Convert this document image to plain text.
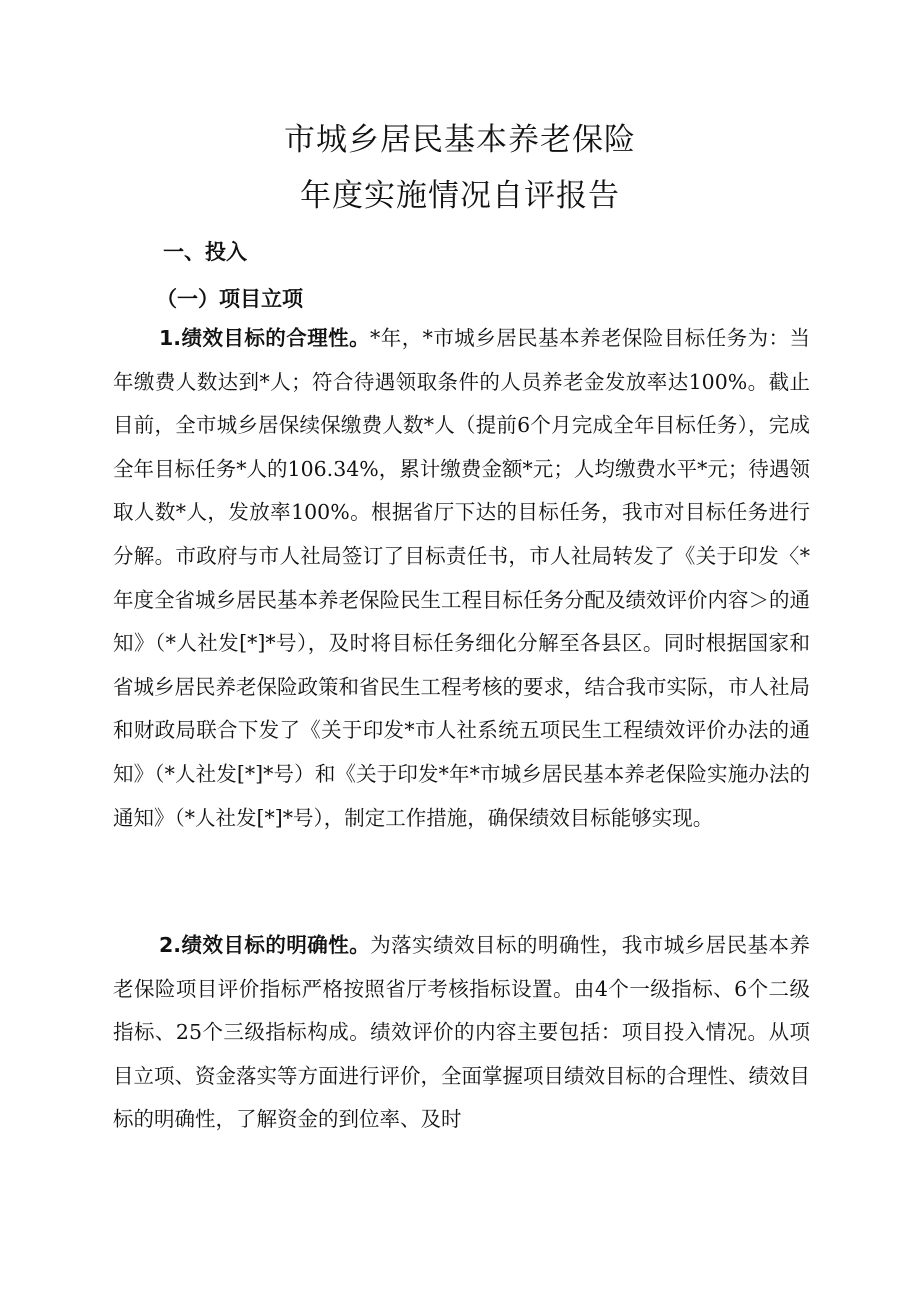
市城乡居民基本养老保险
年度实施情况自评报告
一、投入
（一）项目立项

1.绩效目标的合理性。*年，*市城乡居民基本养老保险目标任务为：当年缴费人数达到*人；符合待遇领取条件的人员养老金发放率达100%。截止目前，全市城乡居保续保缴费人数*人（提前6个月完成全年目标任务），完成全年目标任务*人的106.34%，累计缴费金额*元；人均缴费水平*元；待遇领取人数*人，发放率100%。根据省厅下达的目标任务，我市对目标任务进行分解。市政府与市人社局签订了目标责任书，市人社局转发了《关于印发〈*年度全省城乡居民基本养老保险民生工程目标任务分配及绩效评价内容＞的通知》（*人社发[*]*号），及时将目标任务细化分解至各县区。同时根据国家和省城乡居民养老保险政策和省民生工程考核的要求，结合我市实际，市人社局和财政局联合下发了《关于印发*市人社系统五项民生工程绩效评价办法的通知》（*人社发[*]*号）和《关于印发*年*市城乡居民基本养老保险实施办法的通知》（*人社发[*]*号），制定工作措施，确保绩效目标能够实现。

2.绩效目标的明确性。为落实绩效目标的明确性，我市城乡居民基本养老保险项目评价指标严格按照省厅考核指标设置。由4个一级指标、6个二级指标、25个三级指标构成。绩效评价的内容主要包括：项目投入情况。从项目立项、资金落实等方面进行评价，全面掌握项目绩效目标的合理性、绩效目标的明确性，了解资金的到位率、及时
